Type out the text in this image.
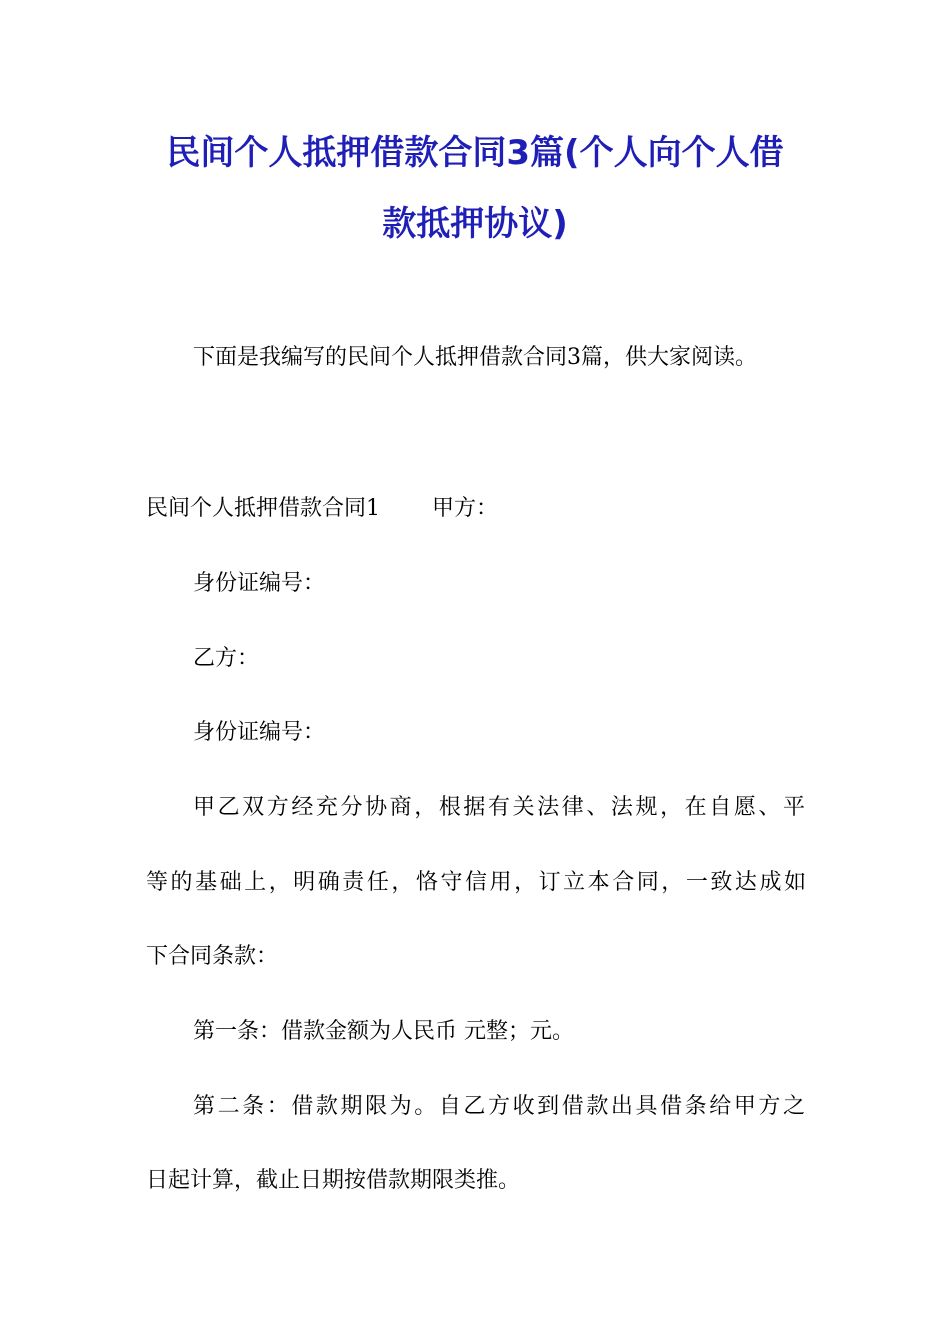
民间个人抵押借款合同3篇(个人向个人借
款抵押协议)
下面是我编写的民间个人抵押借款合同3篇，供大家阅读。
民间个人抵押借款合同1 甲方：
身份证编号：
乙方：
身份证编号：
甲乙双方经充分协商，根据有关法律、法规，在自愿、平
等的基础上，明确责任，恪守信用，订立本合同，一致达成如
下合同条款：
第一条：借款金额为人民币 元整；元。
第二条：借款期限为。自乙方收到借款出具借条给甲方之
日起计算，截止日期按借款期限类推。
